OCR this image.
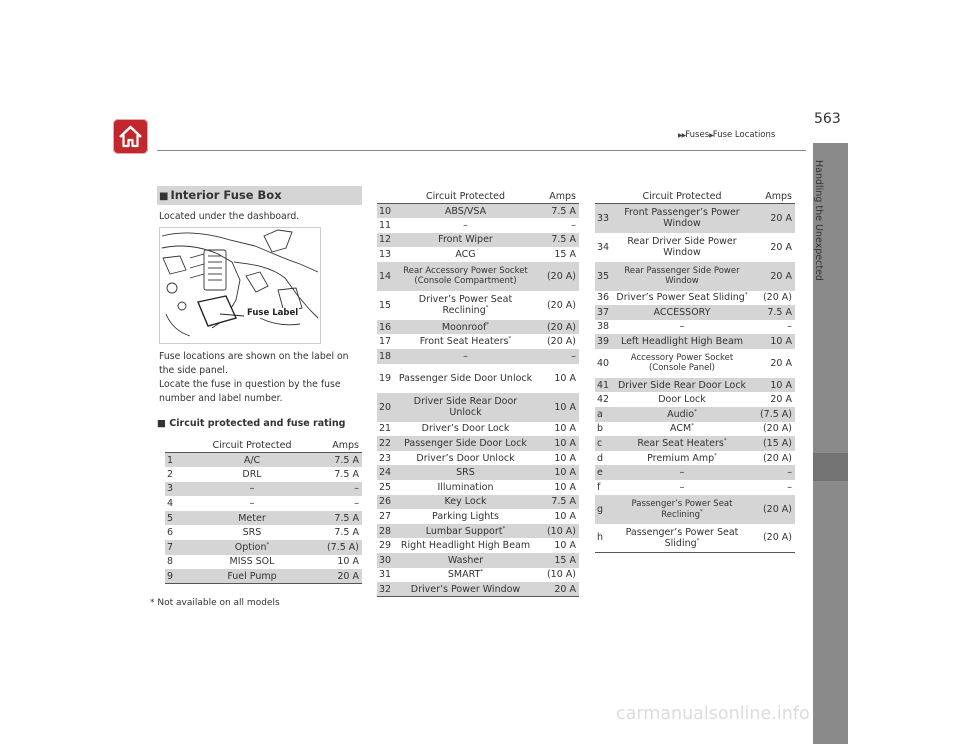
▶▶Fuses▶Fuse Locations
563
Handling the Unexpected
■ Interior Fuse Box
Located under the dashboard.
Fuse Label
Fuse locations are shown on the label on
the side panel.
Locate the fuse in question by the fuse
number and label number.
■ Circuit protected and fuse rating
	Circuit Protected	Amps
1	A/C	7.5 A
2	DRL	7.5 A
3	–	–
4	–	–
5	Meter	7.5 A
6	SRS	7.5 A
7	Option*	(7.5 A)
8	MISS SOL	10 A
9	Fuel Pump	20 A
	Circuit Protected	Amps
10	ABS/VSA	7.5 A
11	–	–
12	Front Wiper	7.5 A
13	ACG	15 A
14	Rear Accessory Power Socket (Console Compartment)	(20 A)
15	Driver’s Power Seat Reclining*	(20 A)
16	Moonroof*	(20 A)
17	Front Seat Heaters*	(20 A)
18	–	–
19	Passenger Side Door Unlock	10 A
20	Driver Side Rear Door Unlock	10 A
21	Driver’s Door Lock	10 A
22	Passenger Side Door Lock	10 A
23	Driver’s Door Unlock	10 A
24	SRS	10 A
25	Illumination	10 A
26	Key Lock	7.5 A
27	Parking Lights	10 A
28	Lumbar Support*	(10 A)
29	Right Headlight High Beam	10 A
30	Washer	15 A
31	SMART*	(10 A)
32	Driver’s Power Window	20 A
	Circuit Protected	Amps
33	Front Passenger’s Power Window	20 A
34	Rear Driver Side Power Window	20 A
35	Rear Passenger Side Power Window	20 A
36	Driver’s Power Seat Sliding*	(20 A)
37	ACCESSORY	7.5 A
38	–	–
39	Left Headlight High Beam	10 A
40	Accessory Power Socket (Console Panel)	20 A
41	Driver Side Rear Door Lock	10 A
42	Door Lock	20 A
a	Audio*	(7.5 A)
b	ACM*	(20 A)
c	Rear Seat Heaters*	(15 A)
d	Premium Amp*	(20 A)
e	–	–
f	–	–
g	Passenger’s Power Seat Reclining*	(20 A)
h	Passenger’s Power Seat Sliding*	(20 A)
* Not available on all models
carmanualsonline.info
